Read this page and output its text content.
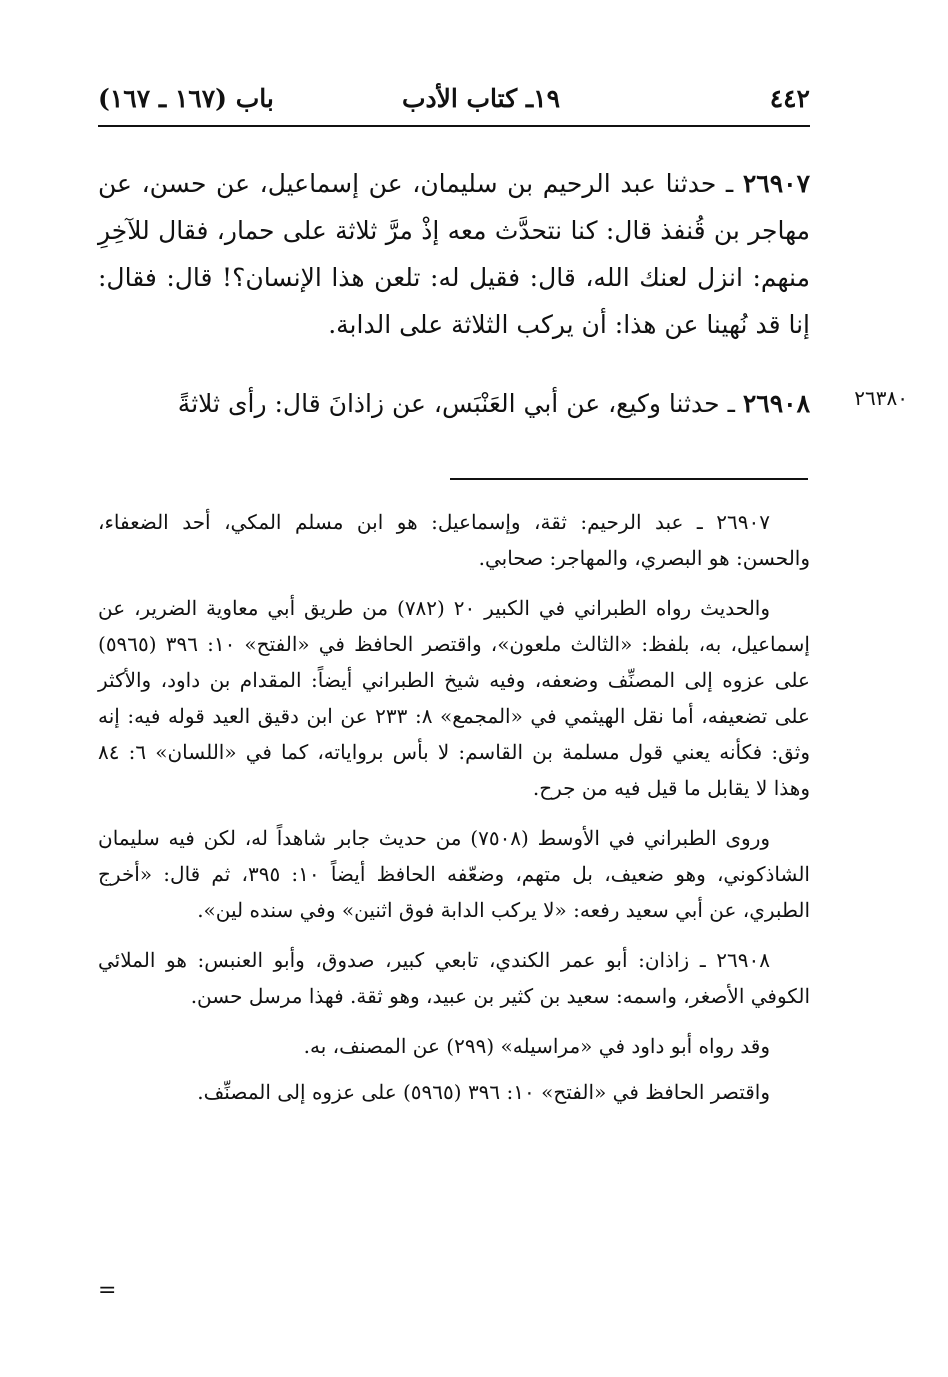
٤٤٢
١٩ـ كتاب الأدب
باب (١٦٧ ـ ١٦٧)

٢٦٩٠٧ ـ حدثنا عبد الرحيم بن سليمان، عن إسماعيل، عن حسن، عن مهاجر بن قُنفذ قال: كنا نتحدَّث معه إذْ مرَّ ثلاثة على حمار، فقال للآخِرِ منهم: انزل لعنك الله، قال: فقيل له: تلعن هذا الإنسان؟! قال: فقال: إنا قد نُهينا عن هذا: أن يركب الثلاثة على الدابة.

٢٦٩٠٨ ـ حدثنا وكيع، عن أبي العَنْبَس، عن زاذانَ قال: رأى ثلاثةً	٢٦٣٨٠

٢٦٩٠٧ ـ عبد الرحيم: ثقة، وإسماعيل: هو ابن مسلم المكي، أحد الضعفاء، والحسن: هو البصري، والمهاجر: صحابي.

والحديث رواه الطبراني في الكبير ٢٠ (٧٨٢) من طريق أبي معاوية الضرير، عن إسماعيل، به، بلفظ: «الثالث ملعون»، واقتصر الحافظ في «الفتح» ١٠: ٣٩٦ (٥٩٦٥) على عزوه إلى المصنِّف وضعفه، وفيه شيخ الطبراني أيضاً: المقدام بن داود، والأكثر على تضعيفه، أما نقل الهيثمي في «المجمع» ٨: ٢٣٣ عن ابن دقيق العيد قوله فيه: إنه وثق: فكأنه يعني قول مسلمة بن القاسم: لا بأس برواياته، كما في «اللسان» ٦: ٨٤ وهذا لا يقابل ما قيل فيه من جرح.

وروى الطبراني في الأوسط (٧٥٠٨) من حديث جابر شاهداً له، لكن فيه سليمان الشاذكوني، وهو ضعيف، بل متهم، وضعّفه الحافظ أيضاً ١٠: ٣٩٥، ثم قال: «أخرج الطبري، عن أبي سعيد رفعه: «لا يركب الدابة فوق اثنين» وفي سنده لين».

٢٦٩٠٨ ـ زاذان: أبو عمر الكندي، تابعي كبير، صدوق، وأبو العنبس: هو الملائي الكوفي الأصغر، واسمه: سعيد بن كثير بن عبيد، وهو ثقة. فهذا مرسل حسن.

وقد رواه أبو داود في «مراسيله» (٢٩٩) عن المصنف، به.

واقتصر الحافظ في «الفتح» ١٠: ٣٩٦ (٥٩٦٥) على عزوه إلى المصنِّف.

=
